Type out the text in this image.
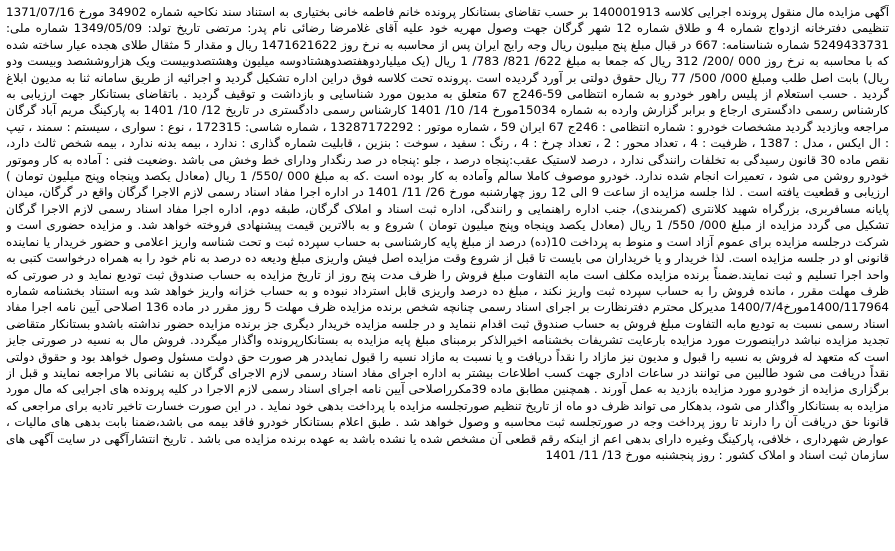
آگهی مزایده مال منقول پرونده اجرایی کلاسه 140001913 بر حسب تقاضای بستانکار پرونده خانم فاطمه خانی بختیاری به استناد سند نکاحیه شماره 34902 مورخ 1371/07/16 تنظیمی دفترخانه ازدواج شماره 4 و طلاق شماره 12 شهر گرگان جهت وصول مهریه خود علیه آقای غلامرضا رضائی نام پدر: مرتضی تاریخ تولد: 1349/05/09 شماره ملی: 5249433731 شماره شناسنامه: 667 در قبال مبلغ پنج میلیون ریال وجه رایج ایران پس از محاسبه به نرخ روز 1471621622 ریال و مقدار 5 مثقال طلای هجده عیار ساخته شده که با محاسبه به نرخ روز 000 /200/ 312 ریال که جمعا به مبلغ 622/ 821/ 783/ 1 ریال (یک میلیاردوهفتصدوهشتادوسه میلیون وهشتصدوبیست ویک هزاروششصد وبیست ودو ریال) بابت اصل طلب ومبلغ 000/ 500/ 77 ریال حقوق دولتی بر آورد گردیده است .پرونده تحت کلاسه فوق دراین اداره تشکیل گردید و اجرائیه از طریق سامانه ثنا به مدیون ابلاغ گردید . حسب استعلام از پلیس راهور خودرو به شماره انتظامی 59-246ج 67 متعلق به مدیون مورد شناسایی و بازداشت و توقیف گردید . باتقاضای بستانکار جهت ارزیابی به کارشناس رسمی دادگستری ارجاع و برابر گزارش وارده به شماره 15034مورخ 14/ 10/ 1401 کارشناس رسمی دادگستری در تاریخ 12/ 10/ 1401 به پارکینگ مریم آباد گرگان مراجعه وبازدید گردید مشخصات خودرو : شماره انتظامی : 246ج 67 ایران 59 ، شماره موتور : 13287172292 ، شماره شاسی: 172315 ، نوع : سواری ، سیستم : سمند ، تیپ : ال ایکس ، مدل : 1387 ، ظرفیت : 4 ، تعداد محور : 2 ، تعداد چرخ : 4 ، رنگ : سفید ، سوخت : بنزین ، قابلیت شماره گذاری : ندارد ، بیمه بدنه ندارد ، بیمه شخص ثالث دارد، نقص ماده 30 قانون رسیدگی به تخلفات رانندگی ندارد ، درصد لاستیک عقب:پنجاه درصد ، جلو :پنجاه در صد رنگدار ودارای خط وخش می باشد .وضعیت فنی : آماده به کار وموتور خودرو روشن می شود ، تعمیرات انجام شده ندارد. خودرو موصوف کاملا سالم وآماده به کار بوده است .که به مبلغ 000 /550/ 1 ریال (معادل یکصد وپنجاه وپنج میلیون تومان ) ارزیابی و قطعیت یافته است . لذا جلسه مزایده از ساعت 9 الی 12 روز چهارشنبه مورخ 26/ 11/ 1401 در اداره اجرا مفاد اسناد رسمی لازم الاجرا گرگان واقع در گرگان، میدان پایانه مسافربری، بزرگراه شهید کلانتری (کمربندی)، جنب اداره راهنمایی و رانندگی، اداره ثبت اسناد و املاک گرگان، طبقه دوم، اداره اجرا مفاد اسناد رسمی لازم الاجرا گرگان تشکیل می گردد مزایده از مبلغ 000/ 550/ 1 ریال (معادل یکصد وپنجاه وپنج میلیون تومان ) شروع و به بالاترین قیمت پیشنهادی فروخته خواهد شد. و مزایده حضوری است و شرکت درجلسه مزایده برای عموم آزاد است و منوط به پرداخت 10(ده) درصد از مبلغ پایه کارشناسی به حساب سپرده ثبت و تحت شناسه واریز اعلامی و حضور خریدار یا نماینده قانونی او در جلسه مزایده است. لذا خریدار و یا خریداران می بایست تا قبل از شروع وقت مزایده اصل فیش واریزی مبلغ ودیعه ده درصد به نام خود را به همراه درخواست کتبی به واحد اجرا تسلیم و ثبت نمایند.ضمناً برنده مزایده مکلف است مابه التفاوت مبلغ فروش را ظرف مدت پنج روز از تاریخ مزایده به حساب صندوق ثبت تودیع نماید و در صورتی که ظرف مهلت مقرر ، مانده فروش را به حساب سپرده ثبت واریز نکند ، مبلغ ده درصد واریزی قابل استرداد نبوده و به حساب خزانه واریز خواهد شد وبه استناد بخشنامه شماره 1400/117964مورخ1400/7/4 مدیرکل محترم دفترنظارت بر اجرای اسناد رسمی چنانچه شخص برنده مزایده ظرف مهلت 5 روز مقرر در ماده 136 اصلاحی آیین نامه اجرا مفاد اسناد رسمی نسبت به تودیع مابه التفاوت مبلغ فروش به حساب صندوق ثبت اقدام ننماید و در جلسه مزایده خریدار دیگری جز برنده مزایده حضور نداشته باشدو بستانکار متقاضی تجدید مزایده نباشد دراینصورت مورد مزایده بارعایت تشریفات بخشنامه اخیرالذکر برمبنای مبلغ پایه مزایده به بستانکارپرونده واگذار میگردد. فروش مال به نسیه در صورتی جایز است که متعهد له فروش به نسیه را قبول و مدیون نیز مازاد را نقداً دریافت و یا نسبت به مازاد نسیه را قبول نمایددر هر صورت حق دولت مسئول وصول خواهد بود و حقوق دولتی نقداً دریافت می شود طالبین می توانند در ساعات اداری جهت کسب اطلاعات بیشتر به اداره اجرای مفاد اسناد رسمی لازم الاجرای گرگان به نشانی بالا مراجعه نمایند و قبل از برگزاری مزایده از خودرو مورد مزایده بازدید به عمل آورند . همچنین مطابق ماده 39مکرراصلاحی آیین نامه اجرای اسناد رسمی لازم الاجرا در کلیه پرونده های اجرایی که مال مورد مزایده به بستانکار واگذار می شود، بدهکار می تواند ظرف دو ماه از تاریخ تنظیم صورتجلسه مزایده با پرداخت بدهی خود نماید . در این صورت خسارت تاخیر تادیه برای مراجعی که قانونا حق دریافت آن را دارند تا روز پرداخت وجه در صورتجلسه ثبت محاسبه و وصول خواهد شد . طبق اعلام بستانکار خودرو فاقد بیمه می باشد،ضمنا بابت بدهی های مالیات ، عوارض شهرداری ، خلافی، پارکینگ وغیره دارای بدهی اعم از اینکه رقم قطعی آن مشخص شده یا نشده باشد به عهده برنده مزایده می باشد . تاریخ انتشارآگهی در سایت آگهی های سازمان ثبت اسناد و املاک کشور : روز پنجشنبه مورخ 13/ 11/ 1401
